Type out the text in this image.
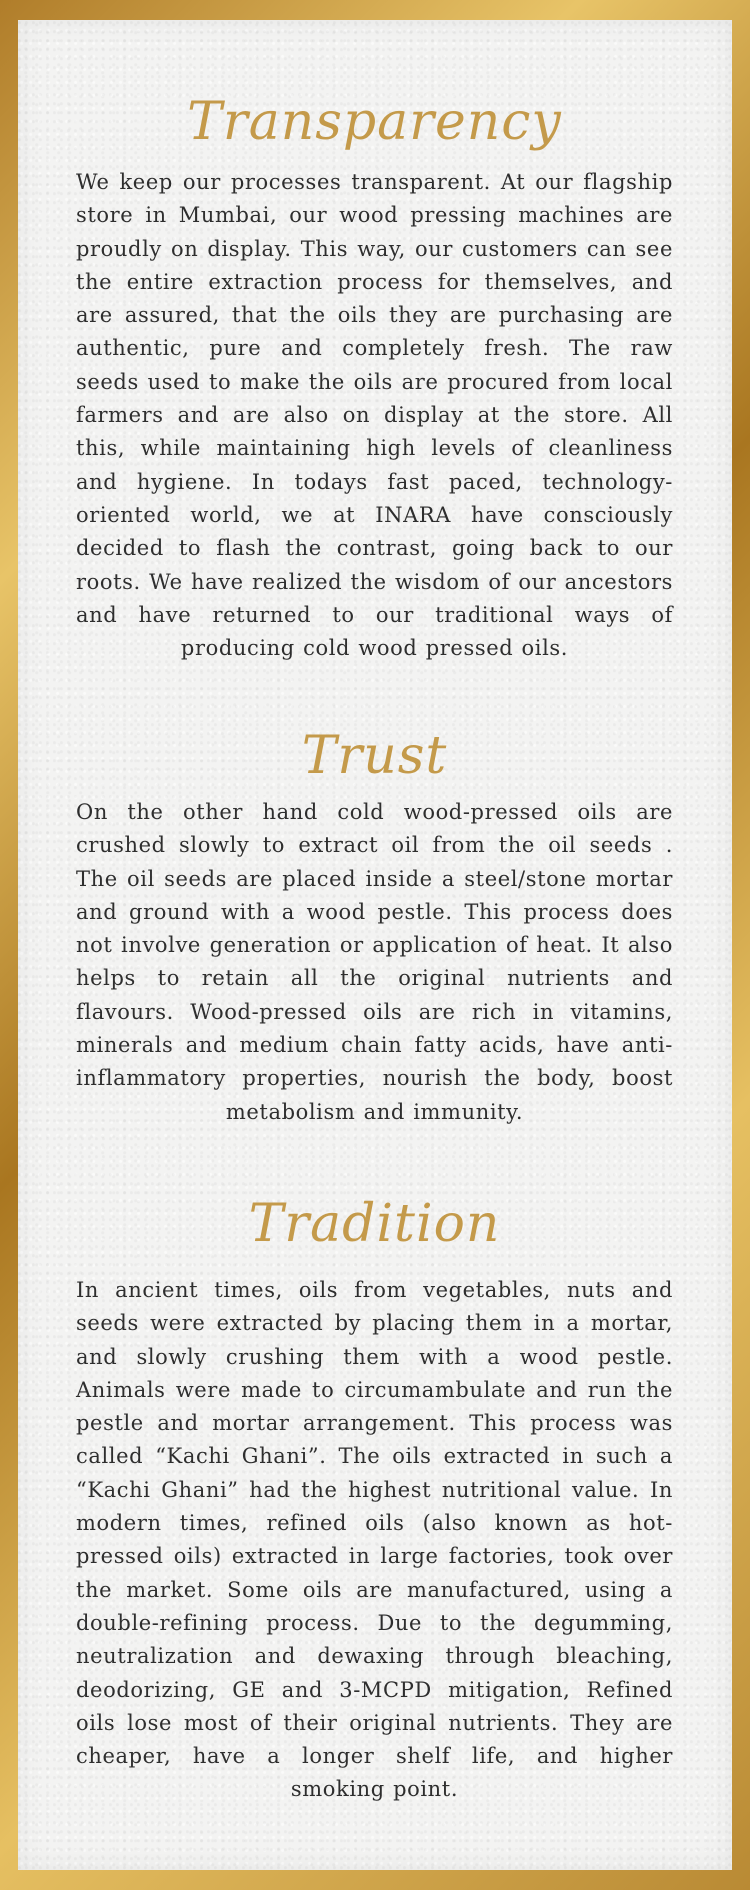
Transparency

We keep our processes transparent. At our flagship store in Mumbai, our wood pressing machines are proudly on display. This way, our customers can see the entire extraction process for themselves, and are assured, that the oils they are purchasing are authentic, pure and completely fresh. The raw seeds used to make the oils are procured from local farmers and are also on display at the store. All this, while maintaining high levels of cleanliness and hygiene. In todays fast paced, technology-oriented world, we at INARA have consciously decided to flash the contrast, going back to our roots. We have realized the wisdom of our ancestors and have returned to our traditional ways of producing cold wood pressed oils.

Trust

On the other hand cold wood-pressed oils are crushed slowly to extract oil from the oil seeds . The oil seeds are placed inside a steel/stone mortar and ground with a wood pestle. This process does not involve generation or application of heat. It also helps to retain all the original nutrients and flavours. Wood-pressed oils are rich in vitamins, minerals and medium chain fatty acids, have anti-inflammatory properties, nourish the body, boost metabolism and immunity.

Tradition

In ancient times, oils from vegetables, nuts and seeds were extracted by placing them in a mortar, and slowly crushing them with a wood pestle. Animals were made to circumambulate and run the pestle and mortar arrangement. This process was called “Kachi Ghani”. The oils extracted in such a “Kachi Ghani” had the highest nutritional value. In modern times, refined oils (also known as hot-pressed oils) extracted in large factories, took over the market. Some oils are manufactured, using a double-refining process. Due to the degumming, neutralization and dewaxing through bleaching, deodorizing, GE and 3-MCPD mitigation, Refined oils lose most of their original nutrients. They are cheaper, have a longer shelf life, and higher smoking point.
